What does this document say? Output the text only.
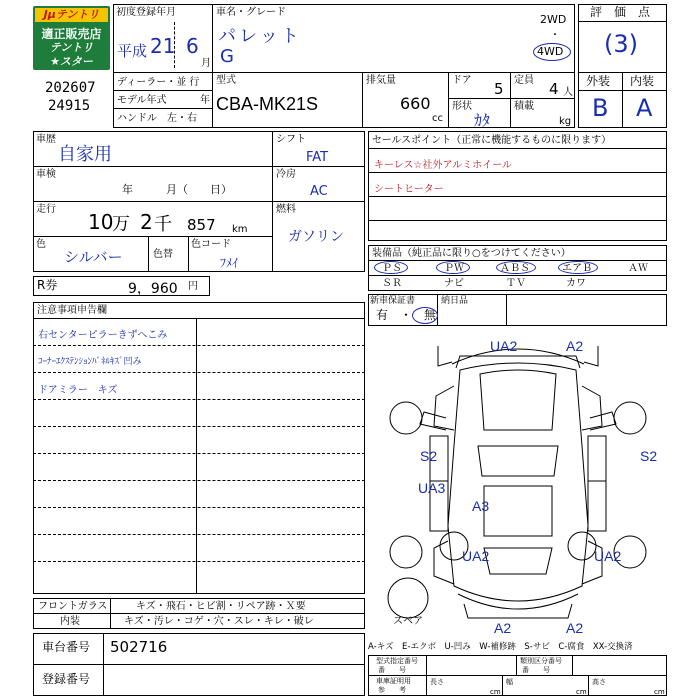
Jμテントリ
適正販売店
テントリ
★スター
202607
24915
初度登録年月
平成 21 6
月
車名・グレード
パレット
G
2WD
・
4WD
ディーラー・並 行
モデル年式	年
ハンドル　左・右
型式
CBA-MK21S
排気量
660
cc
ドア 5 定員 4 人
形状
ｶﾀ
積載
kg
評　価　点
(3)
外装 内装
B A
車歴
自家用
車検
年　　　月（　　日）
走行
10
万 2 千 857 km
色
シルバー	色替
色コード
ﾌﾒｲ
シフト
FAT
冷房
AC
燃料
ガソリン
R券	9，960 円
注意事項申告欄
右センターピラーきずへこみ
ｺｰﾅｰｴｸｽﾃﾝｼｮﾝﾊﾞﾈﾙｷｽﾞ凹み
ドアミラー　キズ
フロントガラス	キズ・飛石・ヒビ割・リペア跡・Ｘ要
内装	キズ・汚レ・コゲ・穴・スレ・キレ・破レ
車台番号 502716
登録番号
セールスポイント（正常に機能するものに限ります）
キーレス☆社外アルミホイール
シートヒーター
装備品（純正品に限り○をつけてください）
ＰＳ	ＰＷ	ＡＢＳ	エアＢ	ＡＷ
ＳＲ	ナビ	ＴＶ	カワ
新車保証書
有　・　無
納日品
UA2	A2
S2	S2
UA3
A3
UA2	UA2
A2	A2
スペア
A-キズ　E-エクボ　U-凹み　W-補修跡　S-サビ　C-腐食　XX-交換済
型式指定番号
番　　号
類別区分番号
番　　号
車庫証明用
参　　考
長さ
cm
幅
cm
高さ
cm
